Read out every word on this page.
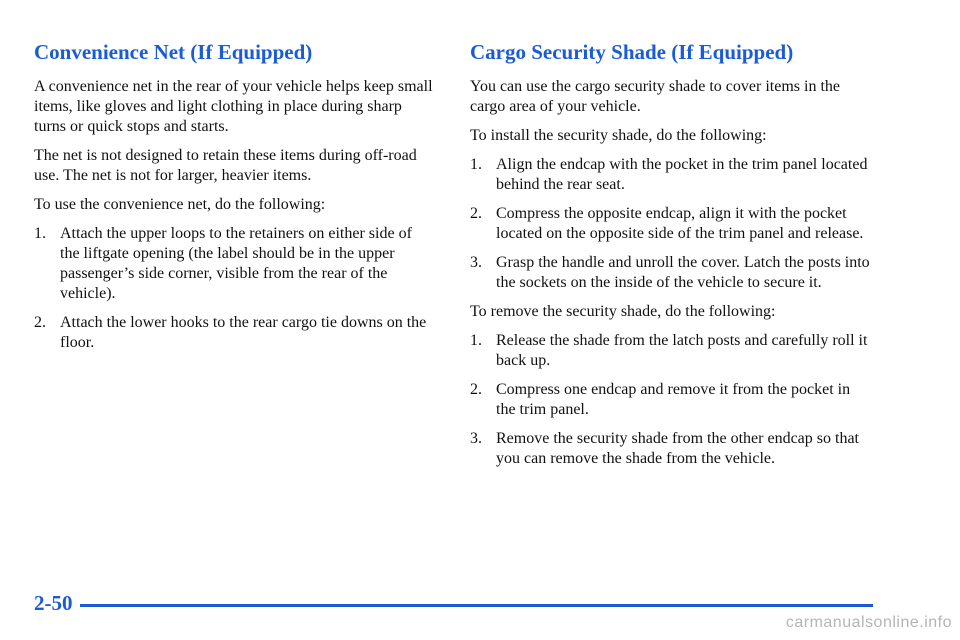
Convenience Net (If Equipped)

A convenience net in the rear of your vehicle helps keep small items, like gloves and light clothing in place during sharp turns or quick stops and starts.

The net is not designed to retain these items during off-road use. The net is not for larger, heavier items.

To use the convenience net, do the following:

1. Attach the upper loops to the retainers on either side of the liftgate opening (the label should be in the upper passenger’s side corner, visible from the rear of the vehicle).
2. Attach the lower hooks to the rear cargo tie downs on the floor.
Cargo Security Shade (If Equipped)

You can use the cargo security shade to cover items in the cargo area of your vehicle.

To install the security shade, do the following:

1. Align the endcap with the pocket in the trim panel located behind the rear seat.
2. Compress the opposite endcap, align it with the pocket located on the opposite side of the trim panel and release.
3. Grasp the handle and unroll the cover. Latch the posts into the sockets on the inside of the vehicle to secure it.

To remove the security shade, do the following:

1. Release the shade from the latch posts and carefully roll it back up.
2. Compress one endcap and remove it from the pocket in the trim panel.
3. Remove the security shade from the other endcap so that you can remove the shade from the vehicle.
2-50
carmanualsonline.info
